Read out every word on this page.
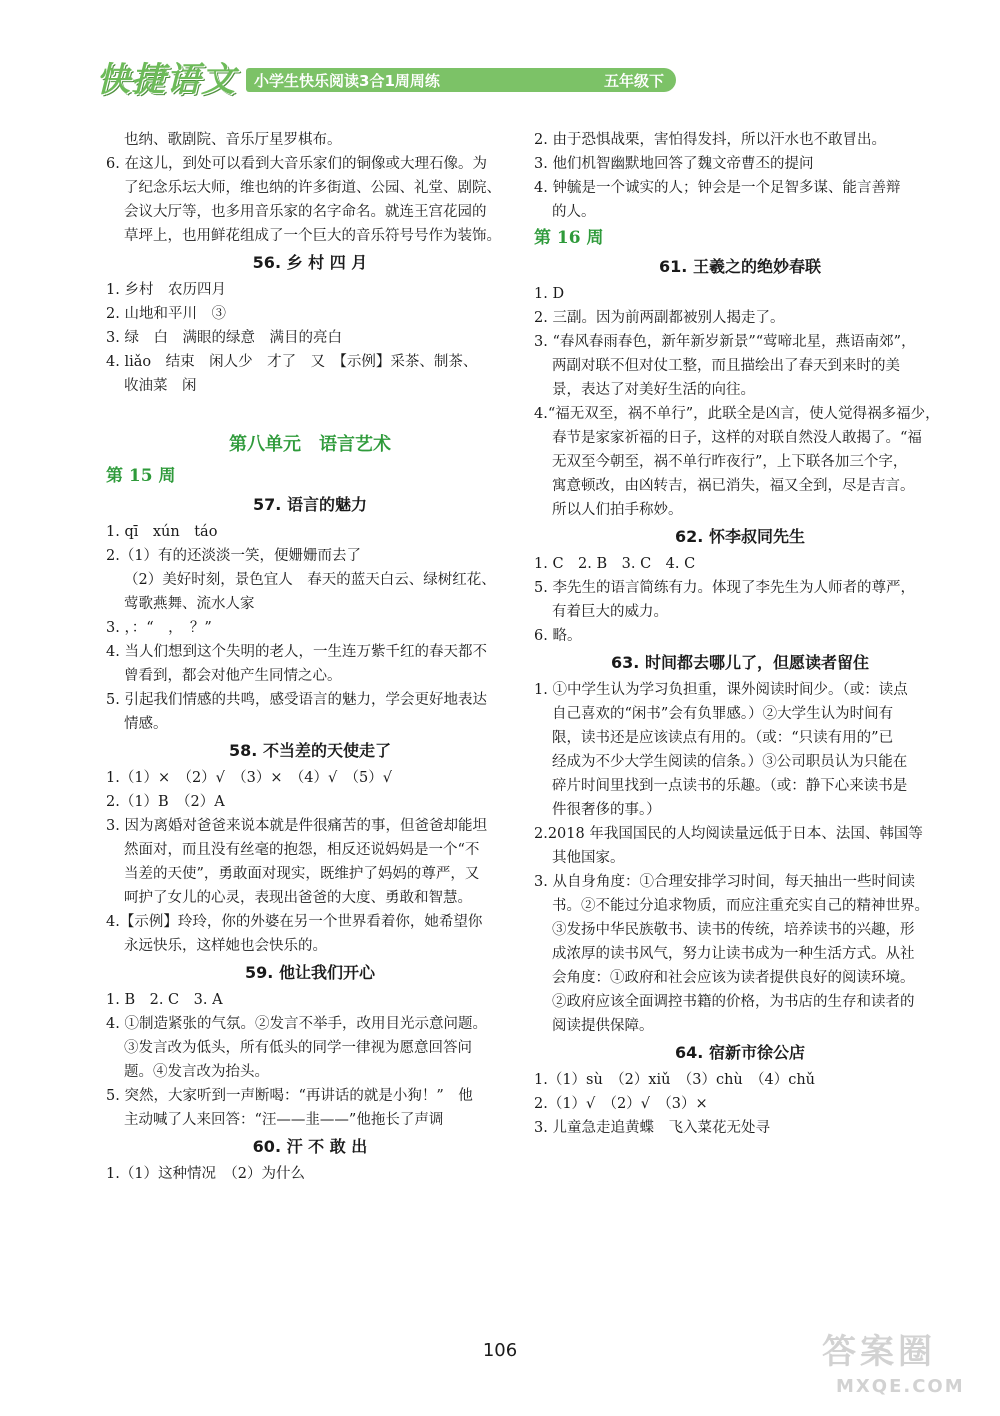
快捷语文 小学生快乐阅读3合1周周练	五年级下
也纳、歌剧院、音乐厅星罗棋布。
6. 在这儿，到处可以看到大音乐家们的铜像或大理石像。为
了纪念乐坛大师，维也纳的许多街道、公园、礼堂、剧院、
会议大厅等，也多用音乐家的名字命名。就连王宫花园的
草坪上，也用鲜花组成了一个巨大的音乐符号号作为装饰。
56. 乡 村 四 月
1. 乡村　农历四月
2. 山地和平川　③
3. 绿　白　满眼的绿意　满目的亮白
4. liǎo　结束　闲人少　才了　又　【示例】采茶、制茶、
收油菜　闲
第八单元　语言艺术
第 15 周
57. 语言的魅力
1. qī　xún　táo
2.（1）有的还淡淡一笑，便姗姗而去了
（2）美好时刻，景色宜人　春天的蓝天白云、绿树红花、
莺歌燕舞、流水人家
3. ，：“　，　？”
4. 当人们想到这个失明的老人，一生连万紫千红的春天都不
曾看到，都会对他产生同情之心。
5. 引起我们情感的共鸣，感受语言的魅力，学会更好地表达
情感。
58. 不当差的天使走了
1.（1）×　（2）√　（3）×　（4）√　（5）√
2.（1）B　（2）A
3. 因为离婚对爸爸来说本就是件很痛苦的事，但爸爸却能坦
然面对，而且没有丝毫的抱怨，相反还说妈妈是一个“不
当差的天使”，勇敢面对现实，既维护了妈妈的尊严，又
呵护了女儿的心灵，表现出爸爸的大度、勇敢和智慧。
4.【示例】玲玲，你的外婆在另一个世界看着你，她希望你
永远快乐，这样她也会快乐的。
59. 他让我们开心
1. B　2. C　3. A
4. ①制造紧张的气氛。②发言不举手，改用目光示意问题。
③发言改为低头，所有低头的同学一律视为愿意回答问
题。④发言改为抬头。
5. 突然，大家听到一声断喝：“再讲话的就是小狗！”　他
主动喊了人来回答：“汪——韭——”他拖长了声调
60. 汗 不 敢 出
1.（1）这种情况　（2）为什么
2. 由于恐惧战栗，害怕得发抖，所以汗水也不敢冒出。
3. 他们机智幽默地回答了魏文帝曹丕的提问
4. 钟毓是一个诚实的人；钟会是一个足智多谋、能言善辩
的人。
第 16 周
61. 王羲之的绝妙春联
1. D
2. 三副。因为前两副都被别人揭走了。
3. “春风春雨春色，新年新岁新景”“莺啼北星，燕语南郊”，
两副对联不但对仗工整，而且描绘出了春天到来时的美
景，表达了对美好生活的向往。
4.“福无双至，祸不单行”，此联全是凶言，使人觉得祸多福少，
春节是家家祈福的日子，这样的对联自然没人敢揭了。“福
无双至今朝至，祸不单行昨夜行”，上下联各加三个字，
寓意顿改，由凶转吉，祸已消失，福又全到，尽是吉言。
所以人们拍手称妙。
62. 怀李叔同先生
1. C　2. B　3. C　4. C
5. 李先生的语言简练有力。体现了李先生为人师者的尊严，
有着巨大的威力。
6. 略。
63. 时间都去哪儿了，但愿读者留住
1. ①中学生认为学习负担重，课外阅读时间少。（或：读点
自己喜欢的“闲书”会有负罪感。）②大学生认为时间有
限，读书还是应该读点有用的。（或：“只读有用的”已
经成为不少大学生阅读的信条。）③公司职员认为只能在
碎片时间里找到一点读书的乐趣。（或：静下心来读书是
件很奢侈的事。）
2.2018 年我国国民的人均阅读量远低于日本、法国、韩国等
其他国家。
3. 从自身角度：①合理安排学习时间，每天抽出一些时间读
书。②不能过分追求物质，而应注重充实自己的精神世界。
③发扬中华民族敬书、读书的传统，培养读书的兴趣，形
成浓厚的读书风气，努力让读书成为一种生活方式。从社
会角度：①政府和社会应该为读者提供良好的阅读环境。
②政府应该全面调控书籍的价格，为书店的生存和读者的
阅读提供保障。
64. 宿新市徐公店
1.（1）sù　（2）xiǔ　（3）chù　（4）chǔ
2.（1）√　（2）√　（3）×
3. 儿童急走追黄蝶　飞入菜花无处寻
106	答案圈
MXQE.COM
